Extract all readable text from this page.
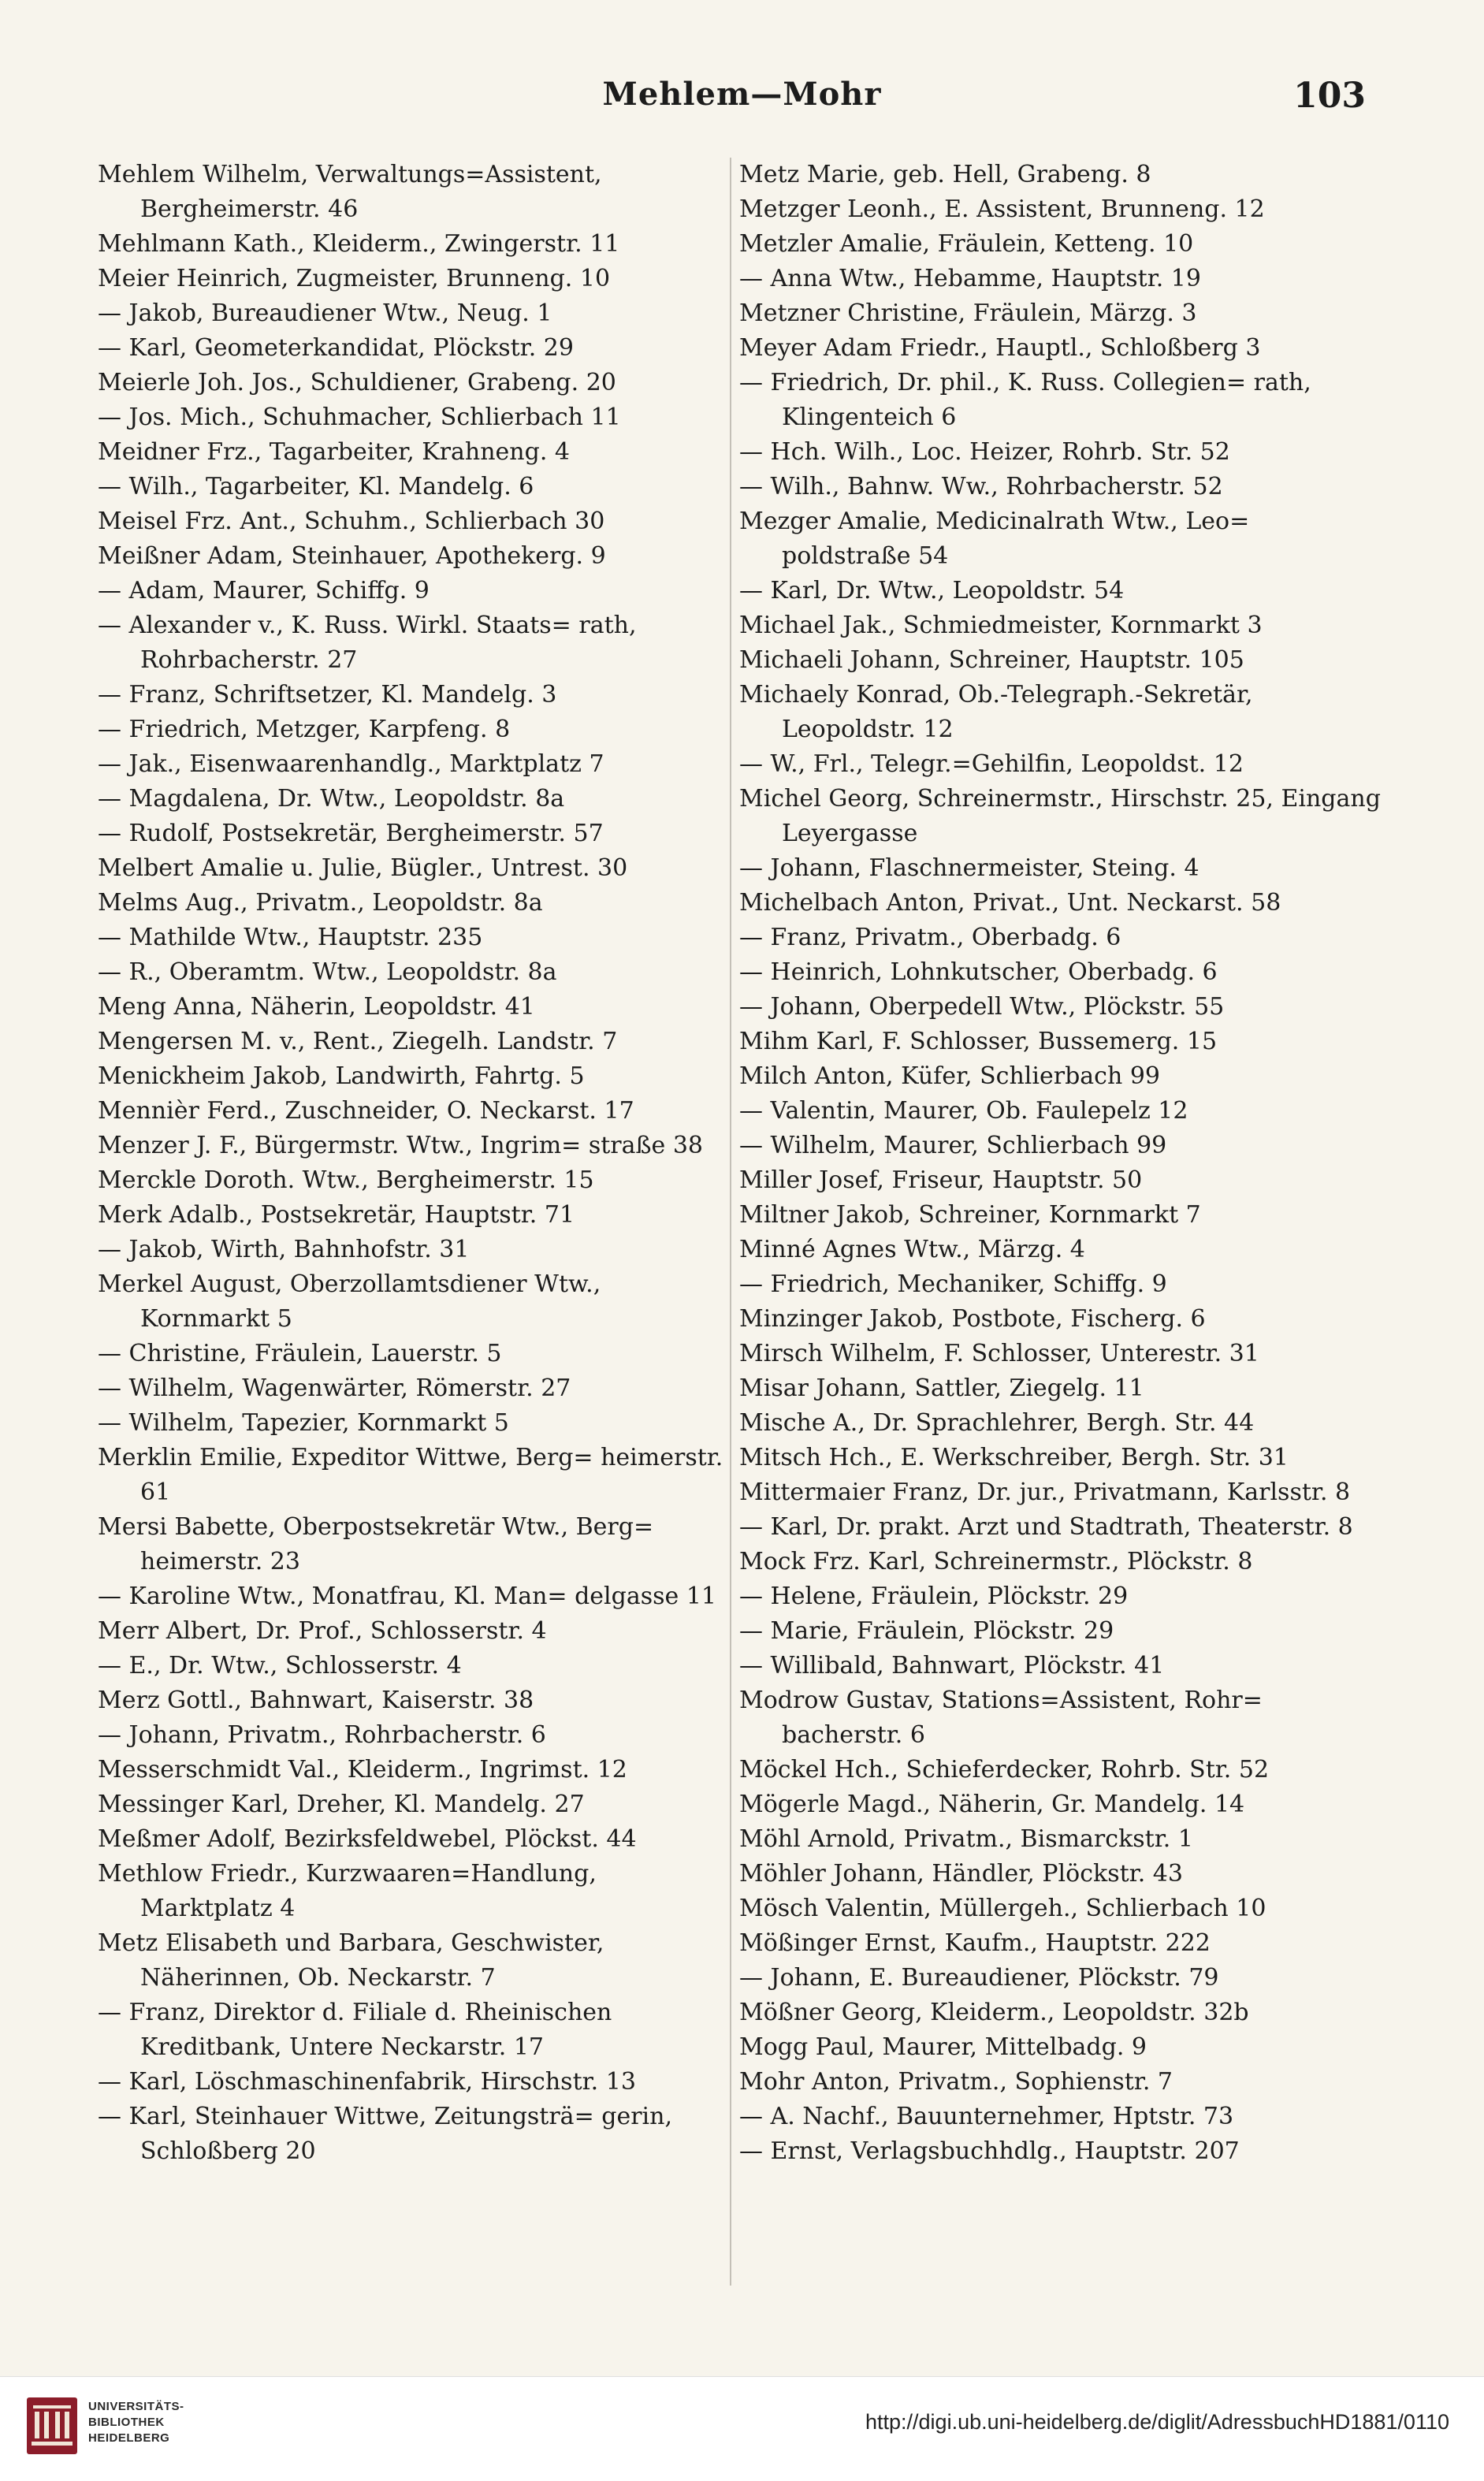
Mehlem—Mohr	103
Mehlem Wilhelm, Verwaltungs=Assistent, Bergheimerstr. 46
Mehlmann Kath., Kleiderm., Zwingerstr. 11
Meier Heinrich, Zugmeister, Brunneng. 10
— Jakob, Bureaudiener Wtw., Neug. 1
— Karl, Geometerkandidat, Plöckstr. 29
Meierle Joh. Jos., Schuldiener, Grabeng. 20
— Jos. Mich., Schuhmacher, Schlierbach 11
Meidner Frz., Tagarbeiter, Krahneng. 4
— Wilh., Tagarbeiter, Kl. Mandelg. 6
Meisel Frz. Ant., Schuhm., Schlierbach 30
Meißner Adam, Steinhauer, Apothekerg. 9
— Adam, Maurer, Schiffg. 9
— Alexander v., K. Russ. Wirkl. Staats= rath, Rohrbacherstr. 27
— Franz, Schriftsetzer, Kl. Mandelg. 3
— Friedrich, Metzger, Karpfeng. 8
— Jak., Eisenwaarenhandlg., Marktplatz 7
— Magdalena, Dr. Wtw., Leopoldstr. 8a
— Rudolf, Postsekretär, Bergheimerstr. 57
Melbert Amalie u. Julie, Bügler., Untrest. 30
Melms Aug., Privatm., Leopoldstr. 8a
— Mathilde Wtw., Hauptstr. 235
— R., Oberamtm. Wtw., Leopoldstr. 8a
Meng Anna, Näherin, Leopoldstr. 41
Mengersen M. v., Rent., Ziegelh. Landstr. 7
Menickheim Jakob, Landwirth, Fahrtg. 5
Mennièr Ferd., Zuschneider, O. Neckarst. 17
Menzer J. F., Bürgermstr. Wtw., Ingrim= straße 38
Merckle Doroth. Wtw., Bergheimerstr. 15
Merk Adalb., Postsekretär, Hauptstr. 71
— Jakob, Wirth, Bahnhofstr. 31
Merkel August, Oberzollamtsdiener Wtw., Kornmarkt 5
— Christine, Fräulein, Lauerstr. 5
— Wilhelm, Wagenwärter, Römerstr. 27
— Wilhelm, Tapezier, Kornmarkt 5
Merklin Emilie, Expeditor Wittwe, Berg= heimerstr. 61
Mersi Babette, Oberpostsekretär Wtw., Berg= heimerstr. 23
— Karoline Wtw., Monatfrau, Kl. Man= delgasse 11
Merr Albert, Dr. Prof., Schlosserstr. 4
— E., Dr. Wtw., Schlosserstr. 4
Merz Gottl., Bahnwart, Kaiserstr. 38
— Johann, Privatm., Rohrbacherstr. 6
Messerschmidt Val., Kleiderm., Ingrimst. 12
Messinger Karl, Dreher, Kl. Mandelg. 27
Meßmer Adolf, Bezirksfeldwebel, Plöckst. 44
Methlow Friedr., Kurzwaaren=Handlung, Marktplatz 4
Metz Elisabeth und Barbara, Geschwister, Näherinnen, Ob. Neckarstr. 7
— Franz, Direktor d. Filiale d. Rheinischen Kreditbank, Untere Neckarstr. 17
— Karl, Löschmaschinenfabrik, Hirschstr. 13
— Karl, Steinhauer Wittwe, Zeitungsträ= gerin, Schloßberg 20
Metz Marie, geb. Hell, Grabeng. 8
Metzger Leonh., E. Assistent, Brunneng. 12
Metzler Amalie, Fräulein, Ketteng. 10
— Anna Wtw., Hebamme, Hauptstr. 19
Metzner Christine, Fräulein, Märzg. 3
Meyer Adam Friedr., Hauptl., Schloßberg 3
— Friedrich, Dr. phil., K. Russ. Collegien= rath, Klingenteich 6
— Hch. Wilh., Loc. Heizer, Rohrb. Str. 52
— Wilh., Bahnw. Ww., Rohrbacherstr. 52
Mezger Amalie, Medicinalrath Wtw., Leo= poldstraße 54
— Karl, Dr. Wtw., Leopoldstr. 54
Michael Jak., Schmiedmeister, Kornmarkt 3
Michaeli Johann, Schreiner, Hauptstr. 105
Michaely Konrad, Ob.-Telegraph.-Sekretär, Leopoldstr. 12
— W., Frl., Telegr.=Gehilfin, Leopoldst. 12
Michel Georg, Schreinermstr., Hirschstr. 25, Eingang Leyergasse
— Johann, Flaschnermeister, Steing. 4
Michelbach Anton, Privat., Unt. Neckarst. 58
— Franz, Privatm., Oberbadg. 6
— Heinrich, Lohnkutscher, Oberbadg. 6
— Johann, Oberpedell Wtw., Plöckstr. 55
Mihm Karl, F. Schlosser, Bussemerg. 15
Milch Anton, Küfer, Schlierbach 99
— Valentin, Maurer, Ob. Faulepelz 12
— Wilhelm, Maurer, Schlierbach 99
Miller Josef, Friseur, Hauptstr. 50
Miltner Jakob, Schreiner, Kornmarkt 7
Minné Agnes Wtw., Märzg. 4
— Friedrich, Mechaniker, Schiffg. 9
Minzinger Jakob, Postbote, Fischerg. 6
Mirsch Wilhelm, F. Schlosser, Unterestr. 31
Misar Johann, Sattler, Ziegelg. 11
Mische A., Dr. Sprachlehrer, Bergh. Str. 44
Mitsch Hch., E. Werkschreiber, Bergh. Str. 31
Mittermaier Franz, Dr. jur., Privatmann, Karlsstr. 8
— Karl, Dr. prakt. Arzt und Stadtrath, Theaterstr. 8
Mock Frz. Karl, Schreinermstr., Plöckstr. 8
— Helene, Fräulein, Plöckstr. 29
— Marie, Fräulein, Plöckstr. 29
— Willibald, Bahnwart, Plöckstr. 41
Modrow Gustav, Stations=Assistent, Rohr= bacherstr. 6
Möckel Hch., Schieferdecker, Rohrb. Str. 52
Mögerle Magd., Näherin, Gr. Mandelg. 14
Möhl Arnold, Privatm., Bismarckstr. 1
Möhler Johann, Händler, Plöckstr. 43
Mösch Valentin, Müllergeh., Schlierbach 10
Mößinger Ernst, Kaufm., Hauptstr. 222
— Johann, E. Bureaudiener, Plöckstr. 79
Mößner Georg, Kleiderm., Leopoldstr. 32b
Mogg Paul, Maurer, Mittelbadg. 9
Mohr Anton, Privatm., Sophienstr. 7
— A. Nachf., Bauunternehmer, Hptstr. 73
— Ernst, Verlagsbuchhdlg., Hauptstr. 207
UNIVERSITÄTS-
BIBLIOTHEK
HEIDELBERG
http://digi.ub.uni-heidelberg.de/diglit/AdressbuchHD1881/0110
